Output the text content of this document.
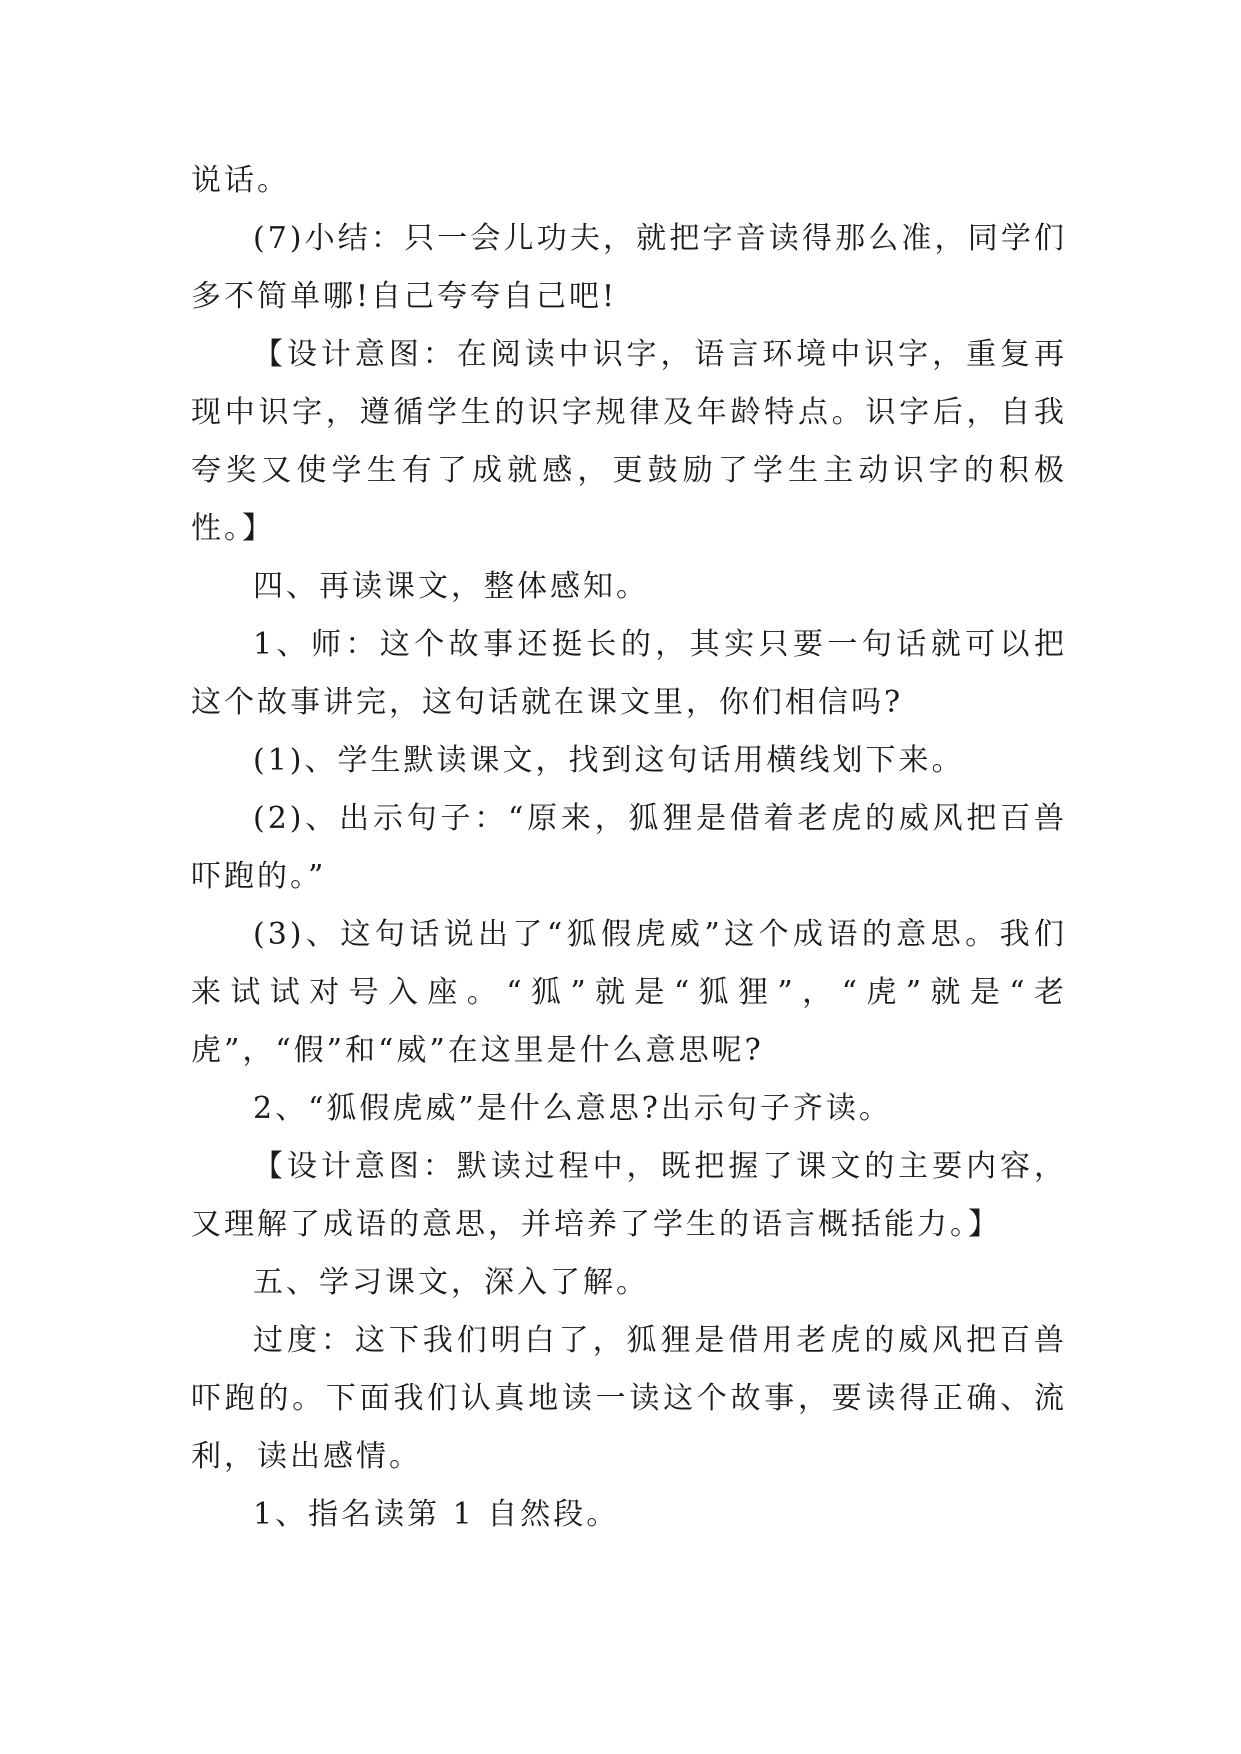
说话。

(7)小结：只一会儿功夫，就把字音读得那么准，同学们多不简单哪!自己夸夸自己吧!

【设计意图：在阅读中识字，语言环境中识字，重复再现中识字，遵循学生的识字规律及年龄特点。识字后，自我夸奖又使学生有了成就感，更鼓励了学生主动识字的积极性。】

四、再读课文，整体感知。

1、师：这个故事还挺长的，其实只要一句话就可以把这个故事讲完，这句话就在课文里，你们相信吗?

(1)、学生默读课文，找到这句话用横线划下来。

(2)、出示句子：“原来，狐狸是借着老虎的威风把百兽吓跑的。”

(3)、这句话说出了“狐假虎威”这个成语的意思。我们来试试对号入座。“狐”就是“狐狸”，“虎”就是“老虎”，“假”和“威”在这里是什么意思呢?

2、“狐假虎威”是什么意思?出示句子齐读。

【设计意图：默读过程中，既把握了课文的主要内容，又理解了成语的意思，并培养了学生的语言概括能力。】

五、学习课文，深入了解。

过度：这下我们明白了，狐狸是借用老虎的威风把百兽吓跑的。下面我们认真地读一读这个故事，要读得正确、流利，读出感情。

1、指名读第 1 自然段。
